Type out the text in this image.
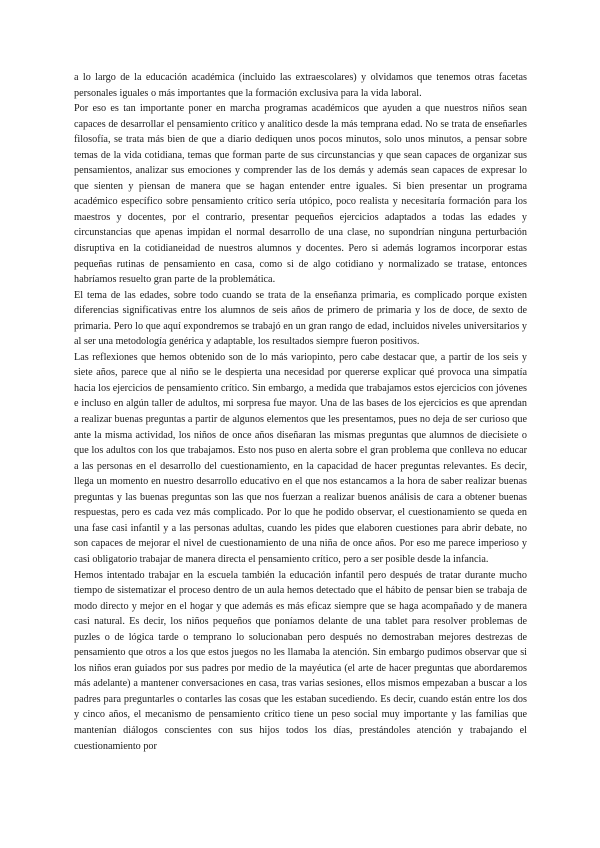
a lo largo de la educación académica (incluido las extraescolares) y olvidamos que tenemos otras facetas personales iguales o más importantes que la formación exclusiva para la vida laboral.

Por eso es tan importante poner en marcha programas académicos que ayuden a que nuestros niños sean capaces de desarrollar el pensamiento crítico y analítico desde la más temprana edad. No se trata de enseñarles filosofía, se trata más bien de que a diario dediquen unos pocos minutos, solo unos minutos, a pensar sobre temas de la vida cotidiana, temas que forman parte de sus circunstancias y que sean capaces de organizar sus pensamientos, analizar sus emociones y comprender las de los demás y además sean capaces de expresar lo que sienten y piensan de manera que se hagan entender entre iguales. Si bien presentar un programa académico específico sobre pensamiento crítico sería utópico, poco realista y necesitaría formación para los maestros y docentes, por el contrario, presentar pequeños ejercicios adaptados a todas las edades y circunstancias que apenas impidan el normal desarrollo de una clase, no supondrían ninguna perturbación disruptiva en la cotidianeidad de nuestros alumnos y docentes. Pero si además logramos incorporar estas pequeñas rutinas de pensamiento en casa, como si de algo cotidiano y normalizado se tratase, entonces habríamos resuelto gran parte de la problemática.

El tema de las edades, sobre todo cuando se trata de la enseñanza primaria, es complicado porque existen diferencias significativas entre los alumnos de seis años de primero de primaria y los de doce, de sexto de primaria. Pero lo que aquí expondremos se trabajó en un gran rango de edad, incluidos niveles universitarios y al ser una metodología genérica y adaptable, los resultados siempre fueron positivos.

Las reflexiones que hemos obtenido son de lo más variopinto, pero cabe destacar que, a partir de los seis y siete años, parece que al niño se le despierta una necesidad por quererse explicar qué provoca una simpatía hacia los ejercicios de pensamiento crítico. Sin embargo, a medida que trabajamos estos ejercicios con jóvenes e incluso en algún taller de adultos, mi sorpresa fue mayor. Una de las bases de los ejercicios es que aprendan a realizar buenas preguntas a partir de algunos elementos que les presentamos, pues no deja de ser curioso que ante la misma actividad, los niños de once años diseñaran las mismas preguntas que alumnos de diecisiete o que los adultos con los que trabajamos. Esto nos puso en alerta sobre el gran problema que conlleva no educar a las personas en el desarrollo del cuestionamiento, en la capacidad de hacer preguntas relevantes. Es decir, llega un momento en nuestro desarrollo educativo en el que nos estancamos a la hora de saber realizar buenas preguntas y las buenas preguntas son las que nos fuerzan a realizar buenos análisis de cara a obtener buenas respuestas, pero es cada vez más complicado. Por lo que he podido observar, el cuestionamiento se queda en una fase casi infantil y a las personas adultas, cuando les pides que elaboren cuestiones para abrir debate, no son capaces de mejorar el nivel de cuestionamiento de una niña de once años. Por eso me parece imperioso y casi obligatorio trabajar de manera directa el pensamiento crítico, pero a ser posible desde la infancia.

Hemos intentado trabajar en la escuela también la educación infantil pero después de tratar durante mucho tiempo de sistematizar el proceso dentro de un aula hemos detectado que el hábito de pensar bien se trabaja de modo directo y mejor en el hogar y que además es más eficaz siempre que se haga acompañado y de manera casi natural. Es decir, los niños pequeños que poníamos delante de una tablet para resolver problemas de puzles o de lógica tarde o temprano lo solucionaban pero después no demostraban mejores destrezas de pensamiento que otros a los que estos juegos no les llamaba la atención. Sin embargo pudimos observar que si los niños eran guiados por sus padres por medio de la mayéutica (el arte de hacer preguntas que abordaremos más adelante) a mantener conversaciones en casa, tras varias sesiones, ellos mismos empezaban a buscar a los padres para preguntarles o contarles las cosas que les estaban sucediendo. Es decir, cuando están entre los dos y cinco años, el mecanismo de pensamiento crítico tiene un peso social muy importante y las familias que mantenían diálogos conscientes con sus hijos todos los días, prestándoles atención y trabajando el cuestionamiento por
